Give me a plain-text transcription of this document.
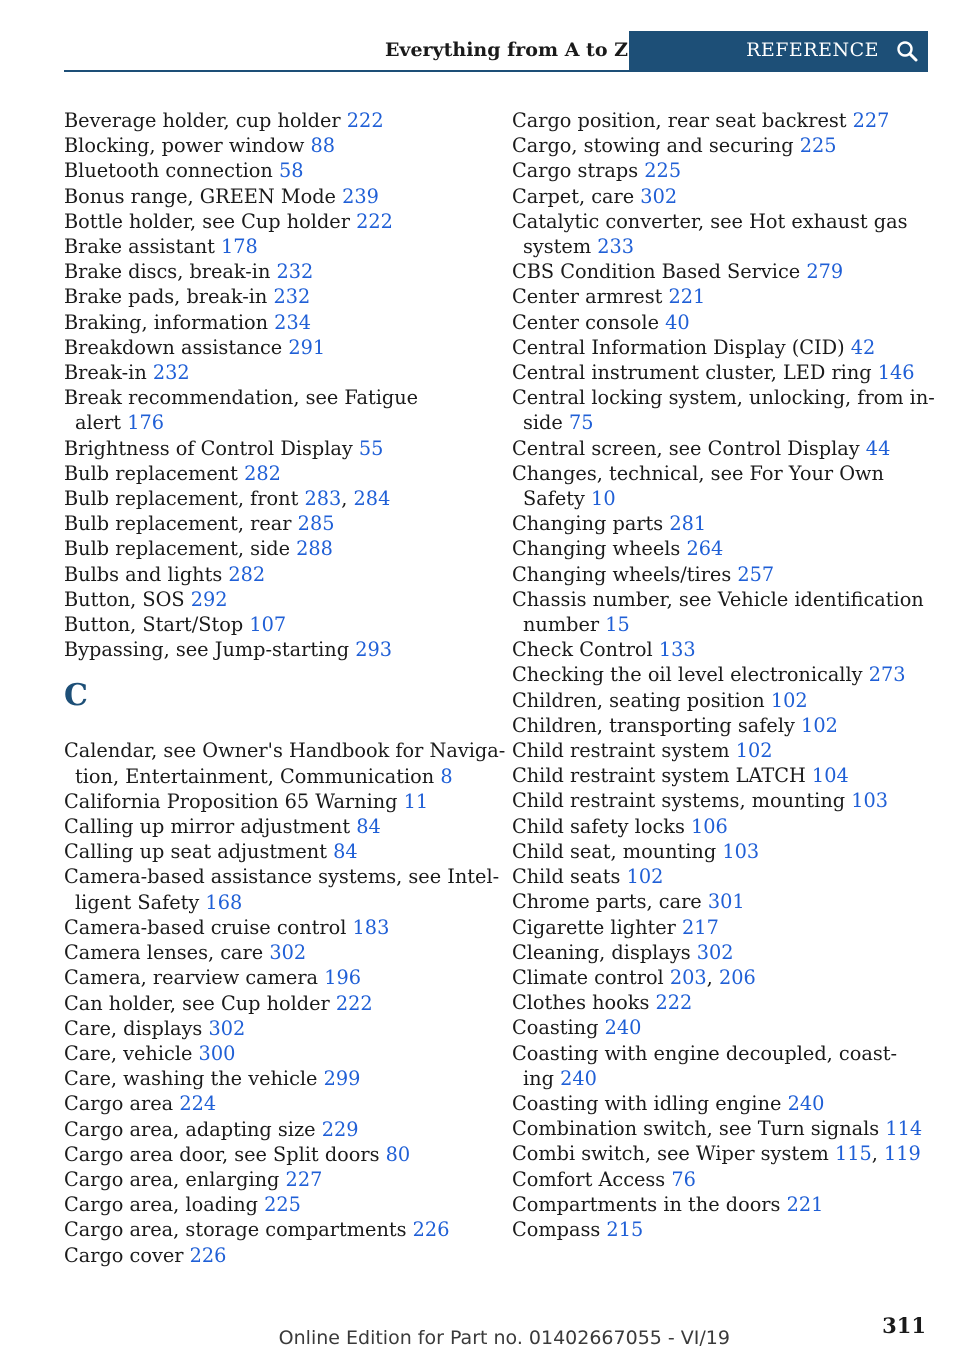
Everything from A to Z	REFERENCE
Beverage holder, cup holder 222
Blocking, power window 88
Bluetooth connection 58
Bonus range, GREEN Mode 239
Bottle holder, see Cup holder 222
Brake assistant 178
Brake discs, break-in 232
Brake pads, break-in 232
Braking, information 234
Breakdown assistance 291
Break-in 232
Break recommendation, see Fatigue
alert 176
Brightness of Control Display 55
Bulb replacement 282
Bulb replacement, front 283, 284
Bulb replacement, rear 285
Bulb replacement, side 288
Bulbs and lights 282
Button, SOS 292
Button, Start/Stop 107
Bypassing, see Jump-starting 293
C
Calendar, see Owner's Handbook for Naviga-
tion, Entertainment, Communication 8
California Proposition 65 Warning 11
Calling up mirror adjustment 84
Calling up seat adjustment 84
Camera-based assistance systems, see Intel-
ligent Safety 168
Camera-based cruise control 183
Camera lenses, care 302
Camera, rearview camera 196
Can holder, see Cup holder 222
Care, displays 302
Care, vehicle 300
Care, washing the vehicle 299
Cargo area 224
Cargo area, adapting size 229
Cargo area door, see Split doors 80
Cargo area, enlarging 227
Cargo area, loading 225
Cargo area, storage compartments 226
Cargo cover 226
Cargo position, rear seat backrest 227
Cargo, stowing and securing 225
Cargo straps 225
Carpet, care 302
Catalytic converter, see Hot exhaust gas
system 233
CBS Condition Based Service 279
Center armrest 221
Center console 40
Central Information Display (CID) 42
Central instrument cluster, LED ring 146
Central locking system, unlocking, from in-
side 75
Central screen, see Control Display 44
Changes, technical, see For Your Own
Safety 10
Changing parts 281
Changing wheels 264
Changing wheels/tires 257
Chassis number, see Vehicle identification
number 15
Check Control 133
Checking the oil level electronically 273
Children, seating position 102
Children, transporting safely 102
Child restraint system 102
Child restraint system LATCH 104
Child restraint systems, mounting 103
Child safety locks 106
Child seat, mounting 103
Child seats 102
Chrome parts, care 301
Cigarette lighter 217
Cleaning, displays 302
Climate control 203, 206
Clothes hooks 222
Coasting 240
Coasting with engine decoupled, coast-
ing 240
Coasting with idling engine 240
Combination switch, see Turn signals 114
Combi switch, see Wiper system 115, 119
Comfort Access 76
Compartments in the doors 221
Compass 215
311
Online Edition for Part no. 01402667055 - VI/19
